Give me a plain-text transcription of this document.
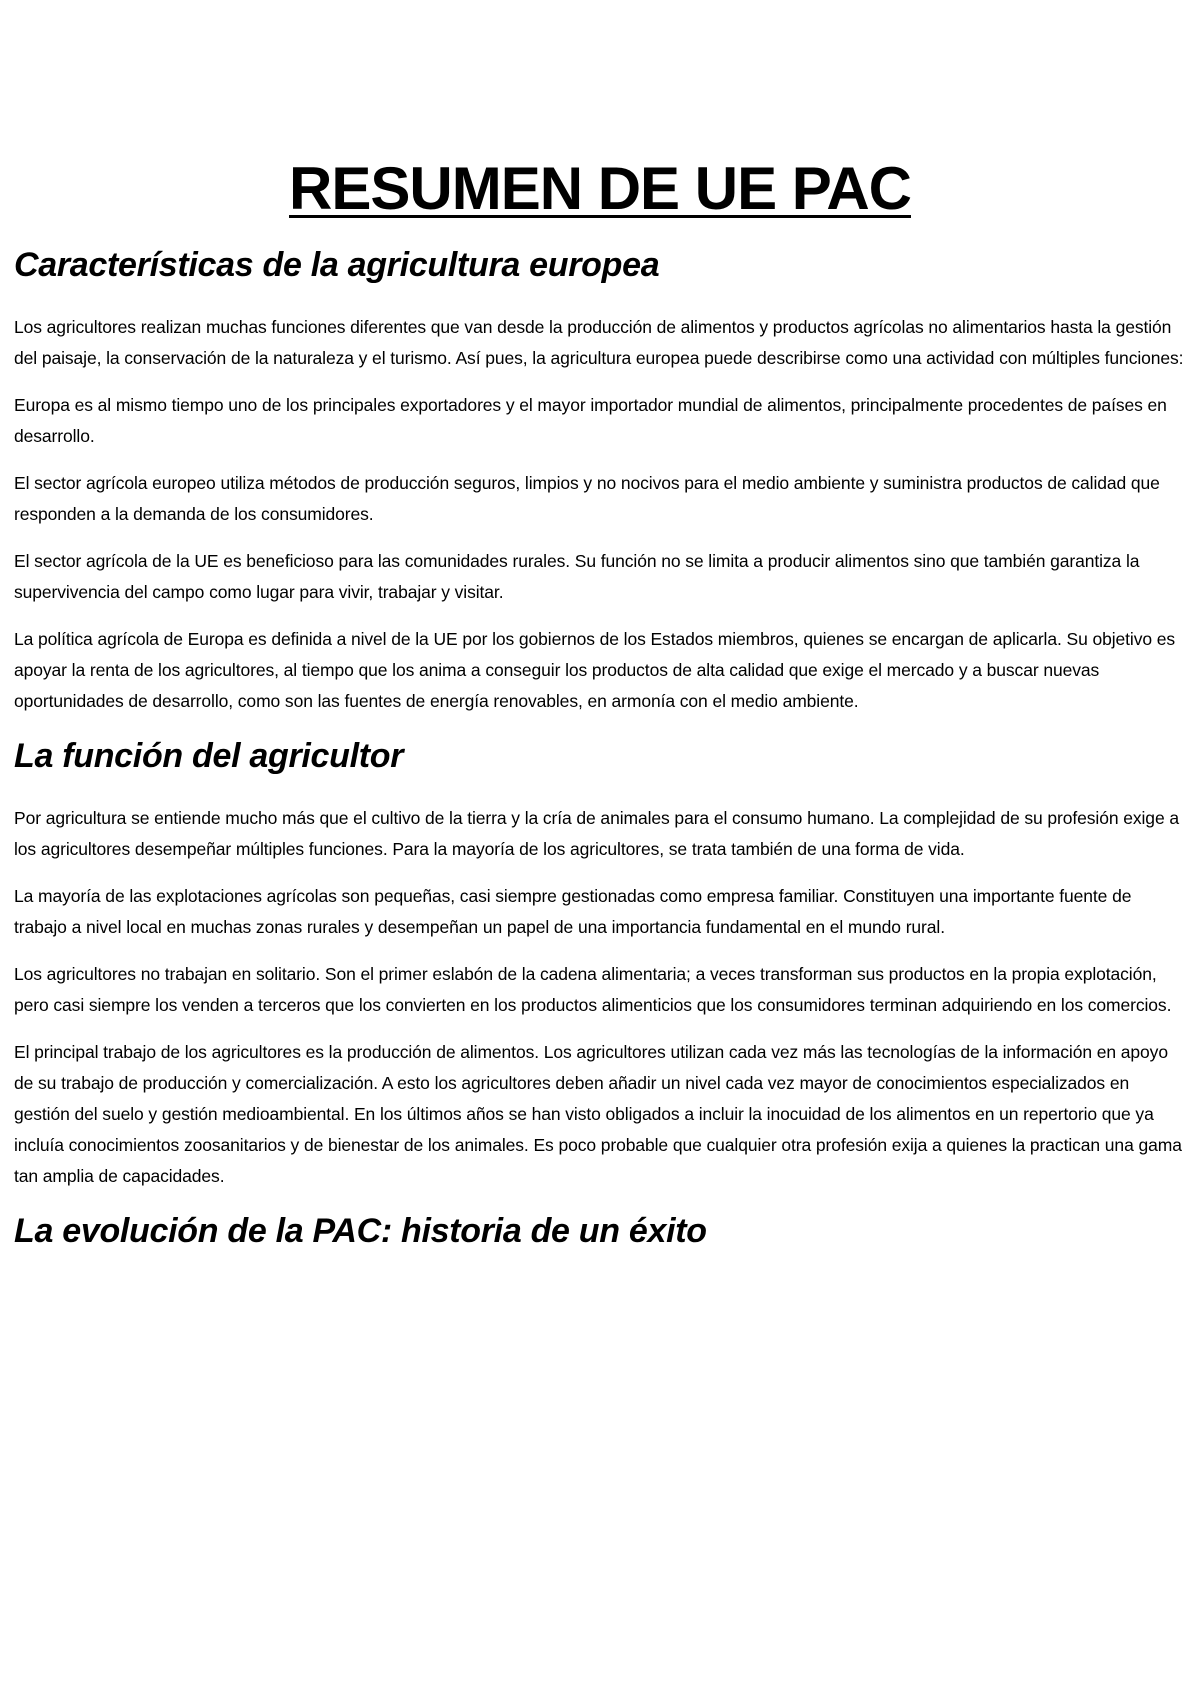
RESUMEN DE UE PAC
Características de la agricultura europea

Los agricultores realizan muchas funciones diferentes que van desde la producción de alimentos y productos agrícolas no alimentarios hasta la gestión del paisaje, la conservación de la naturaleza y el turismo. Así pues, la agricultura europea puede describirse como una actividad con múltiples funciones:

Europa es al mismo tiempo uno de los principales exportadores y el mayor importador mundial de alimentos, principalmente procedentes de países en desarrollo.

El sector agrícola europeo utiliza métodos de producción seguros, limpios y no nocivos para el medio ambiente y suministra productos de calidad que responden a la demanda de los consumidores.

El sector agrícola de la UE es beneficioso para las comunidades rurales. Su función no se limita a producir alimentos sino que también garantiza la supervivencia del campo como lugar para vivir, trabajar y visitar.

La política agrícola de Europa es definida a nivel de la UE por los gobiernos de los Estados miembros, quienes se encargan de aplicarla. Su objetivo es apoyar la renta de los agricultores, al tiempo que los anima a conseguir los productos de alta calidad que exige el mercado y a buscar nuevas oportunidades de desarrollo, como son las fuentes de energía renovables, en armonía con el medio ambiente.

La función del agricultor

Por agricultura se entiende mucho más que el cultivo de la tierra y la cría de animales para el consumo humano. La complejidad de su profesión exige a los agricultores desempeñar múltiples funciones. Para la mayoría de los agricultores, se trata también de una forma de vida.

La mayoría de las explotaciones agrícolas son pequeñas, casi siempre gestionadas como empresa familiar. Constituyen una importante fuente de trabajo a nivel local en muchas zonas rurales y desempeñan un papel de una importancia fundamental en el mundo rural.

Los agricultores no trabajan en solitario. Son el primer eslabón de la cadena alimentaria; a veces transforman sus productos en la propia explotación, pero casi siempre los venden a terceros que los convierten en los productos alimenticios que los consumidores terminan adquiriendo en los comercios.

El principal trabajo de los agricultores es la producción de alimentos. Los agricultores utilizan cada vez más las tecnologías de la información en apoyo de su trabajo de producción y comercialización. A esto los agricultores deben añadir un nivel cada vez mayor de conocimientos especializados en gestión del suelo y gestión medioambiental. En los últimos años se han visto obligados a incluir la inocuidad de los alimentos en un repertorio que ya incluía conocimientos zoosanitarios y de bienestar de los animales. Es poco probable que cualquier otra profesión exija a quienes la practican una gama tan amplia de capacidades.

La evolución de la PAC: historia de un éxito
